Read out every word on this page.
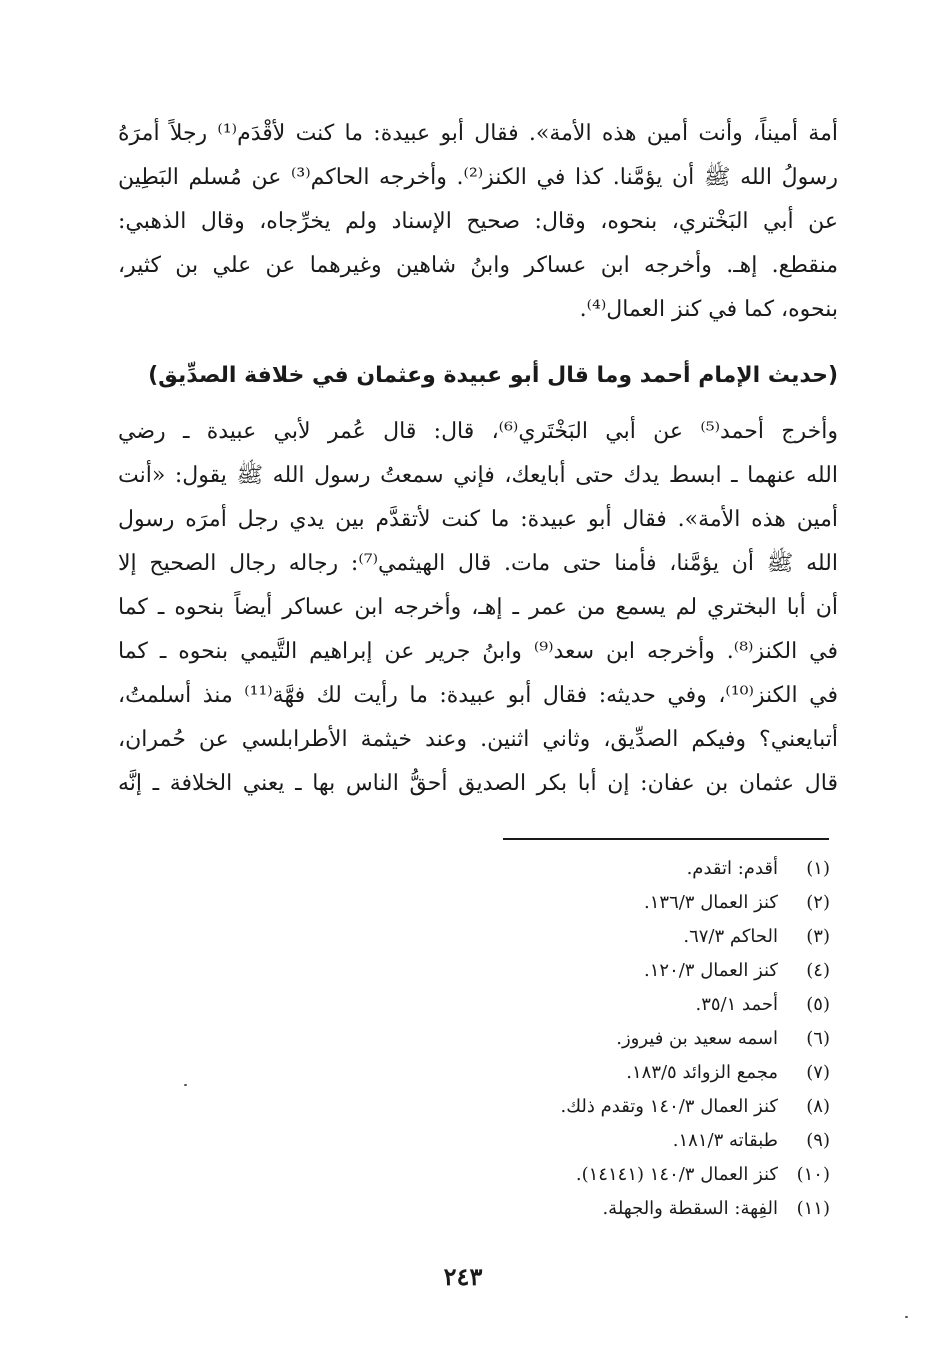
أمة أميناً، وأنت أمين هذه الأمة». فقال أبو عبيدة: ما كنت لأقْدَم⁽¹⁾ رجلاً أمرَهُ
رسولُ الله ﷺ أن يؤمَّنا. كذا في الكنز⁽²⁾. وأخرجه الحاكم⁽³⁾ عن مُسلم البَطِين
عن أبي البَخْتري، بنحوه، وقال: صحيح الإسناد ولم يخرِّجاه، وقال الذهبي:
منقطع. إهـ. وأخرجه ابن عساكر وابنُ شاهين وغيرهما عن علي بن كثير،
بنحوه، كما في كنز العمال⁽⁴⁾.
(حديث الإمام أحمد وما قال أبو عبيدة وعثمان في خلافة الصدِّيق)
وأخرج أحمد⁽⁵⁾ عن أبي البَخْتَري⁽⁶⁾، قال: قال عُمر لأبي عبيدة ـ رضي
الله عنهما ـ ابسط يدك حتى أبايعك، فإني سمعتُ رسول الله ﷺ يقول: «أنت
أمين هذه الأمة». فقال أبو عبيدة: ما كنت لأتقدَّم بين يدي رجل أمرَه رسول
الله ﷺ أن يؤمَّنا، فأمنا حتى مات. قال الهيثمي⁽⁷⁾: رجاله رجال الصحيح إلا
أن أبا البختري لم يسمع من عمر ـ إهـ، وأخرجه ابن عساكر أيضاً بنحوه ـ كما
في الكنز⁽⁸⁾. وأخرجه ابن سعد⁽⁹⁾ وابنُ جرير عن إبراهيم التَّيمي بنحوه ـ كما
في الكنز⁽¹⁰⁾، وفي حديثه: فقال أبو عبيدة: ما رأيت لك فهَّة⁽¹¹⁾ منذ أسلمتُ،
أتبايعني؟ وفيكم الصدِّيق، وثاني اثنين. وعند خيثمة الأطرابلسي عن حُمران،
قال عثمان بن عفان: إن أبا بكر الصديق أحقُّ الناس بها ـ يعني الخلافة ـ إنَّه
(١)
أقدم: اتقدم.
(٢)
كنز العمال ١٣٦/٣.
(٣)
الحاكم ٦٧/٣.
(٤)
كنز العمال ١٢٠/٣.
(٥)
أحمد ٣٥/١.
(٦)
اسمه سعيد بن فيروز.
(٧)
مجمع الزوائد ١٨٣/٥.
(٨)
كنز العمال ١٤٠/٣ وتقدم ذلك.
(٩)
طبقاته ١٨١/٣.
(١٠)
كنز العمال ١٤٠/٣ (١٤١٤١).
(١١)
الفِهة: السقطة والجهلة.
٢٤٣
